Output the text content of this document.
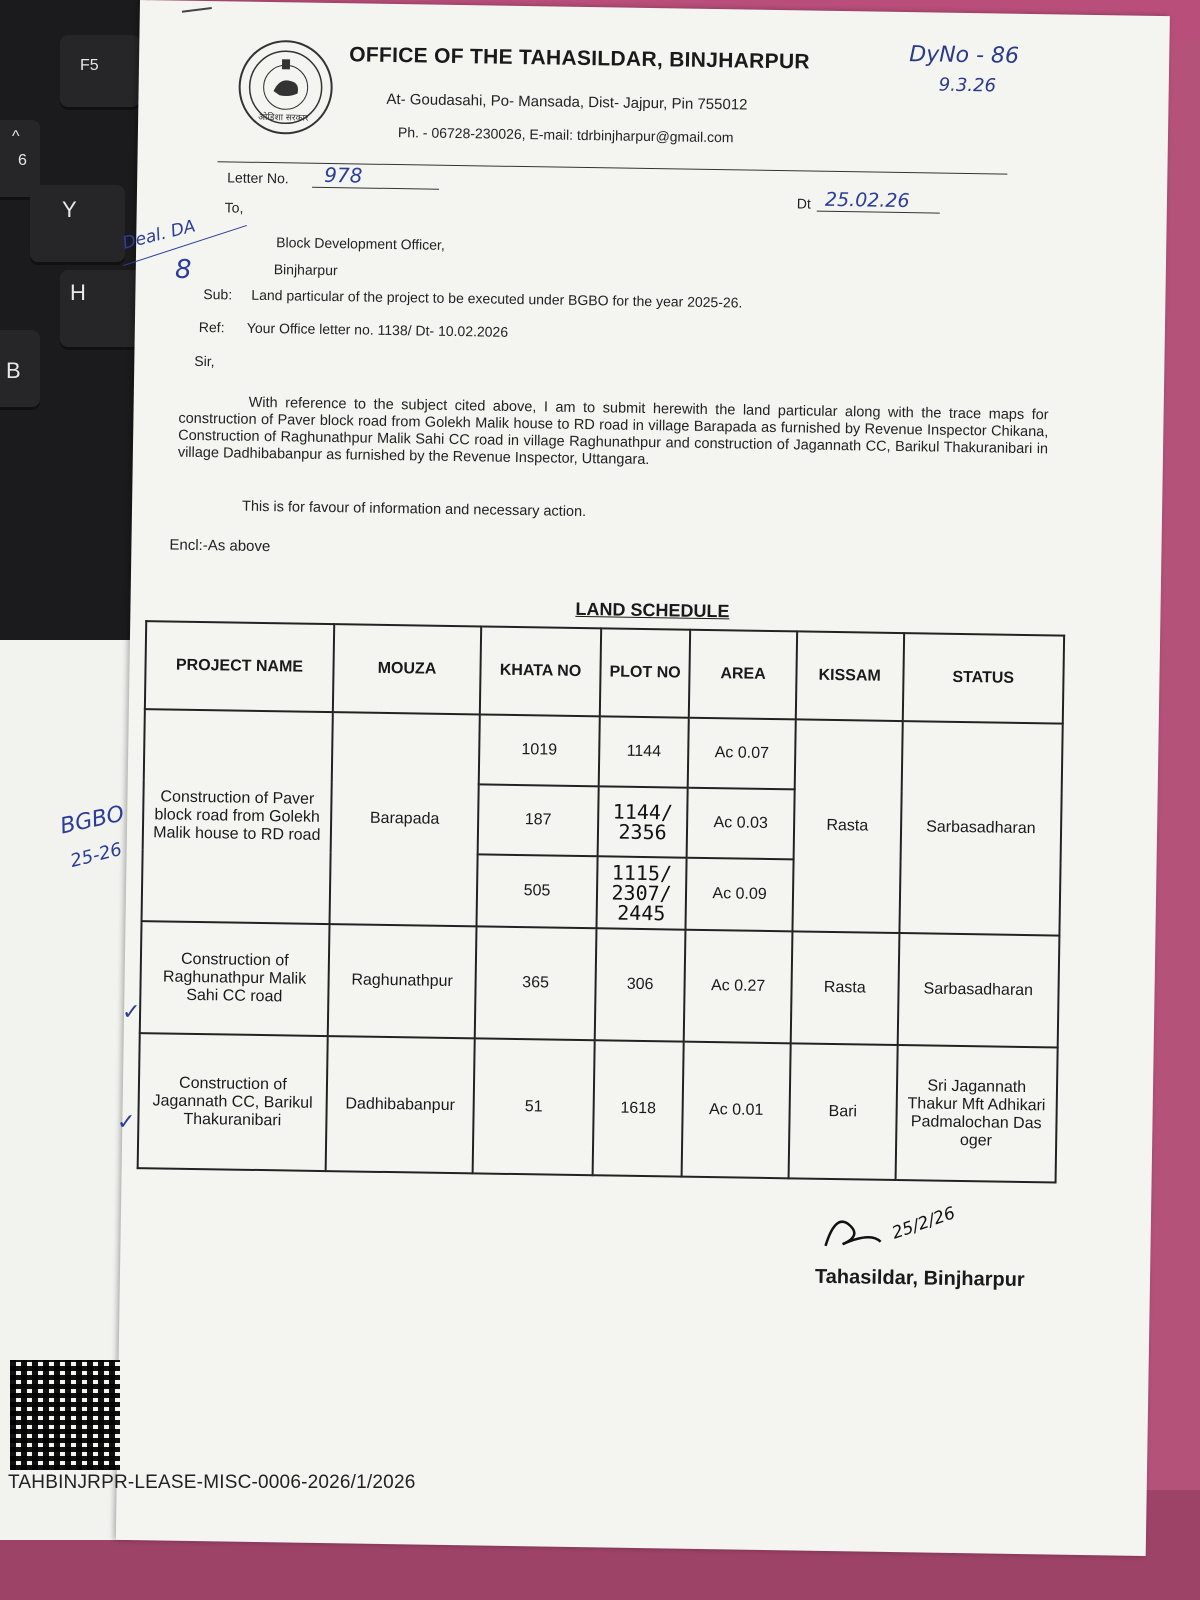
F5
^
6
Y
H
B
ओड़िशा सरकार
OFFICE OF THE TAHASILDAR, BINJHARPUR
At- Goudasahi, Po- Mansada, Dist- Jajpur, Pin 755012
Ph. - 06728-230026, E-mail: tdrbinjharpur@gmail.com
DyNo - 86
9.3.26
Letter No.	978
Dt 25.02.26
To,
Block Development Officer,
Binjharpur
Sub: Land particular of the project to be executed under BGBO for the year 2025-26.
Ref: Your Office letter no. 1138/ Dt- 10.02.2026
Sir,
With reference to the subject cited above, I am to submit herewith the land particular along with the trace maps for construction of Paver block road from Golekh Malik house to RD road in village Barapada as furnished by Revenue Inspector Chikana, Construction of Raghunathpur Malik Sahi CC road in village Raghunathpur and construction of Jagannath CC, Barikul Thakuranibari in village Dadhibabanpur as furnished by the Revenue Inspector, Uttangara.
This is for favour of information and necessary action.
Encl:-As above
LAND SCHEDULE
PROJECT NAME	MOUZA	KHATA NO	PLOT NO	AREA	KISSAM	STATUS
Construction of Paver block road from Golekh Malik house to RD road	Barapada	1019	1144	Ac 0.07	Rasta	Sarbasadharan
		187	1144/ 2356	Ac 0.03		
		505	1115/ 2307/ 2445	Ac 0.09		
Construction of Raghunathpur Malik Sahi CC road	Raghunathpur	365	306	Ac 0.27	Rasta	Sarbasadharan
Construction of Jagannath CC, Barikul Thakuranibari	Dadhibabanpur	51	1618	Ac 0.01	Bari	Sri Jagannath Thakur Mft Adhikari Padmalochan Das oger
25/2/26
Tahasildar, Binjharpur
Deal. DA
8
BGBO
25-26
✓
✓
TAHBINJRPR-LEASE-MISC-0006-2026/1/2026
